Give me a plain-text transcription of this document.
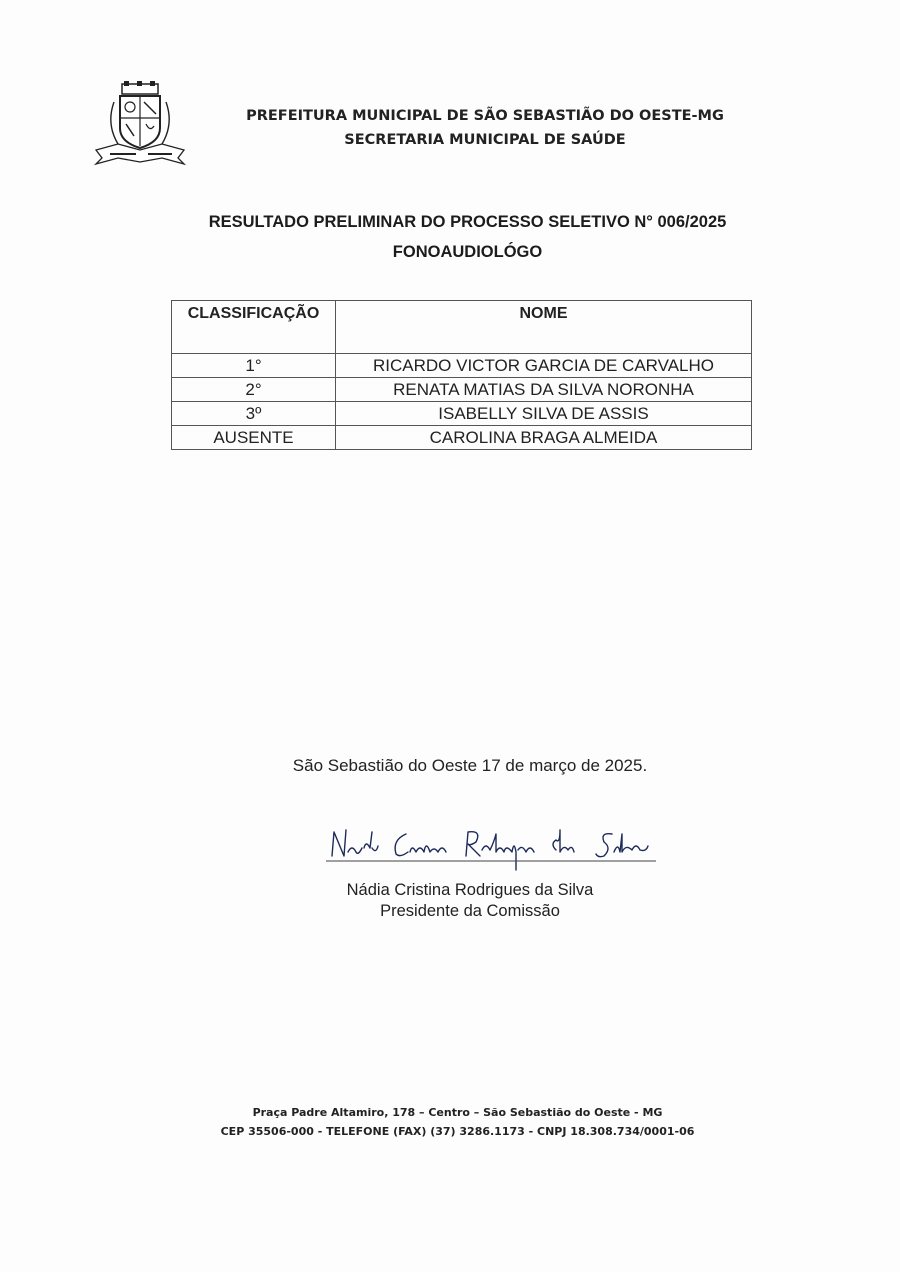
PREFEITURA MUNICIPAL DE SÃO SEBASTIÃO DO OESTE-MG
SECRETARIA MUNICIPAL DE SAÚDE
RESULTADO PRELIMINAR DO PROCESSO SELETIVO N° 006/2025
FONOAUDIOLÓGO
CLASSIFICAÇÃO	NOME
1°	RICARDO VICTOR GARCIA DE CARVALHO
2°	RENATA MATIAS DA SILVA NORONHA
3º	ISABELLY SILVA DE ASSIS
AUSENTE	CAROLINA BRAGA ALMEIDA
São Sebastião do Oeste 17 de março de 2025.
Nádia Cristina Rodrigues da Silva
Presidente da Comissão
Praça Padre Altamiro, 178 – Centro – São Sebastião do Oeste - MG
CEP 35506-000 - TELEFONE (FAX) (37) 3286.1173 - CNPJ 18.308.734/0001-06
